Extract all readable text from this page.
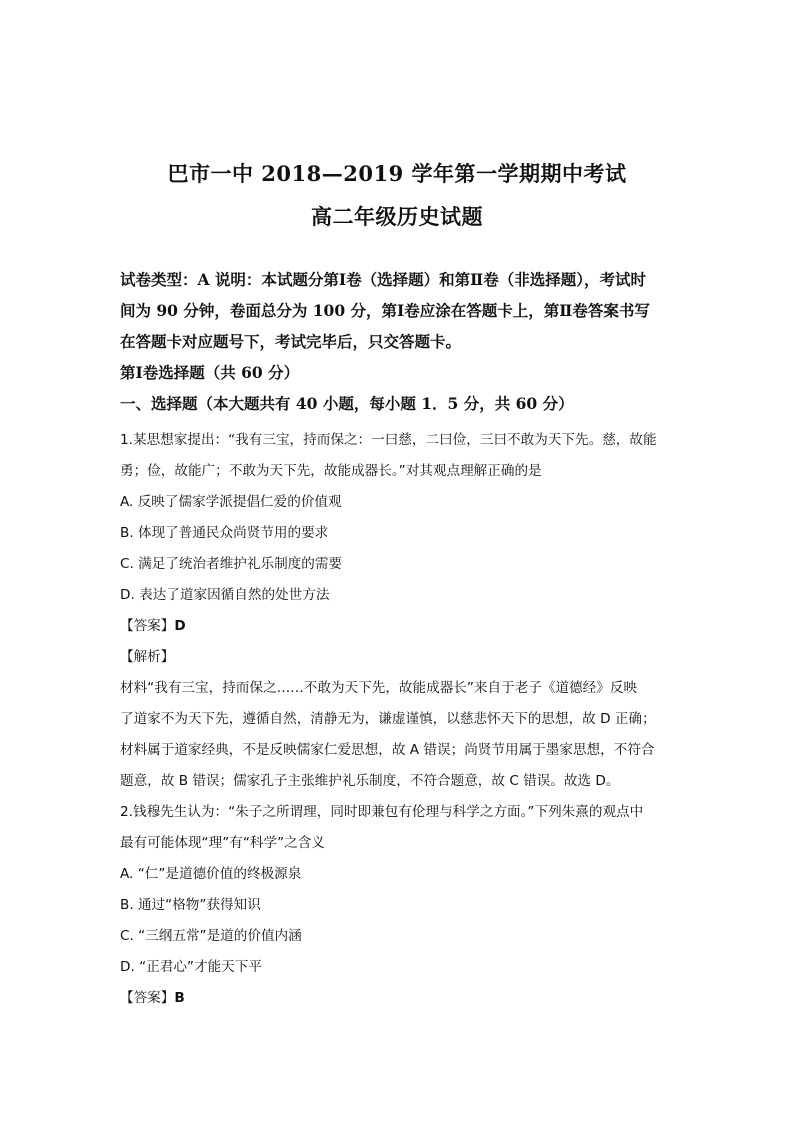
巴市一中 2018—2019 学年第一学期期中考试
高二年级历史试题
试卷类型：A 说明：本试题分第Ⅰ卷（选择题）和第Ⅱ卷（非选择题），考试时
间为 90 分钟，卷面总分为 100 分，第Ⅰ卷应涂在答题卡上，第Ⅱ卷答案书写
在答题卡对应题号下，考试完毕后，只交答题卡。
第Ⅰ卷选择题（共 60 分）
一、选择题（本大题共有 40 小题，每小题 1．5 分，共 60 分）
1.某思想家提出：“我有三宝，持而保之：一曰慈，二曰俭，三曰不敢为天下先。慈，故能
勇；俭，故能广；不敢为天下先，故能成器长。”对其观点理解正确的是
A. 反映了儒家学派提倡仁爱的价值观
B. 体现了普通民众尚贤节用的要求
C. 满足了统治者维护礼乐制度的需要
D. 表达了道家因循自然的处世方法
【答案】D
【解析】
材料“我有三宝，持而保之……不敢为天下先，故能成器长”来自于老子《道德经》反映
了道家不为天下先，遵循自然，清静无为，谦虚谨慎，以慈悲怀天下的思想，故 D 正确；
材料属于道家经典，不是反映儒家仁爱思想，故 A 错误；尚贤节用属于墨家思想，不符合
题意，故 B 错误；儒家孔子主张维护礼乐制度，不符合题意，故 C 错误。故选 D。
2.钱穆先生认为：“朱子之所谓理，同时即兼包有伦理与科学之方面。”下列朱熹的观点中
最有可能体现“理”有“科学”之含义
A. “仁”是道德价值的终极源泉
B. 通过“格物”获得知识
C. “三纲五常”是道的价值内涵
D. “正君心”才能天下平
【答案】B
